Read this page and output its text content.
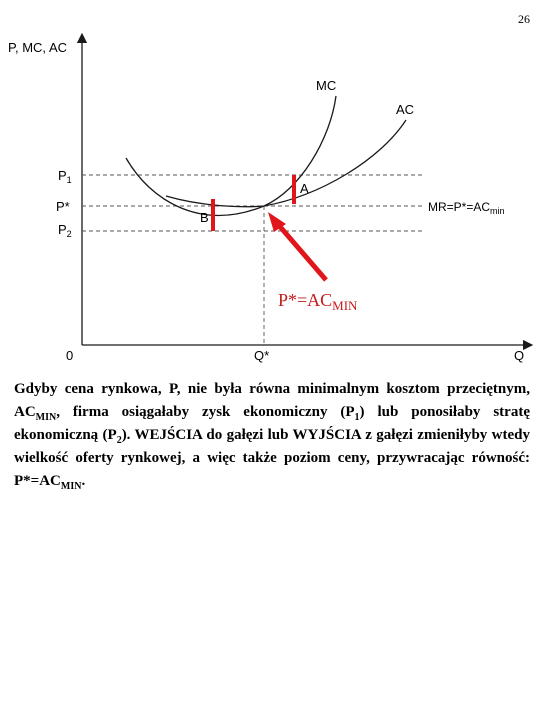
26
P, MC, AC
Q
0	Q*
$P_1$
P*
$P_2$
$MR=P*=AC_{min}$
MC
AC
A
B
$P*=AC_{MIN}$
Gdyby cena rynkowa, P, nie była równa minimalnym kosztom przeciętnym, $AC_{MIN}$, firma osiągałaby zysk ekonomiczny $(P_1)$ lub ponosiłaby stratę ekonomiczną $(P_2)$. WEJŚCIA do gałęzi lub WYJŚCIA z gałęzi zmieniłyby wtedy wielkość oferty rynkowej, a więc także poziom ceny, przywracając równość: $P*=AC_{MIN}$.
